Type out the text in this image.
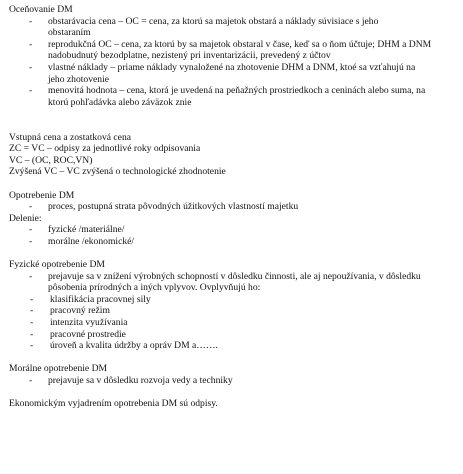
Oceňovanie DM
- obstarávacia cena – OC = cena, za ktorú sa majetok obstará a náklady súvisiace s jeho obstaraním
- reprodukčná OC – cena, za ktorú by sa majetok obstaral v čase, keď sa o ňom účtuje; DHM a DNM nadobudnutý bezodplatne, nezistený pri inventarizácii, prevedený z účtov
- vlastné náklady – priame náklady vynaložené na zhotovenie DHM a DNM, ktoé sa vzťahujú na jeho zhotovenie
- menovitá hodnota – cena, ktorá je uvedená na peňažných prostriedkoch a ceninách alebo suma, na ktorú pohľadávka alebo záväzok znie
Vstupná cena a zostatková cena
ZC = VC – odpisy za jednotlivé roky odpisovania
VC – (OC, ROC,VN)
Zvýšená VC – VC zvýšená o technologické zhodnotenie
Opotrebenie DM
- proces, postupná strata pôvodných úžitkových vlastností majetku
Delenie:
- fyzické /materiálne/
- morálne /ekonomické/
Fyzické opotrebenie DM
- prejavuje sa v znížení výrobných schopností v dôsledku činnosti, ale aj nepoužívania, v dôsledku pôsobenia prírodných a iných vplyvov. Ovplyvňujú ho:
- klasifikácia pracovnej sily
- pracovný režim
- intenzita využívania
- pracovné prostredie
- úroveň a kvalita údržby a opráv DM a…….
Morálne opotrebenie DM
- prejavuje sa v dôsledku rozvoja vedy a techniky
Ekonomickým vyjadrením opotrebenia DM sú odpisy.
